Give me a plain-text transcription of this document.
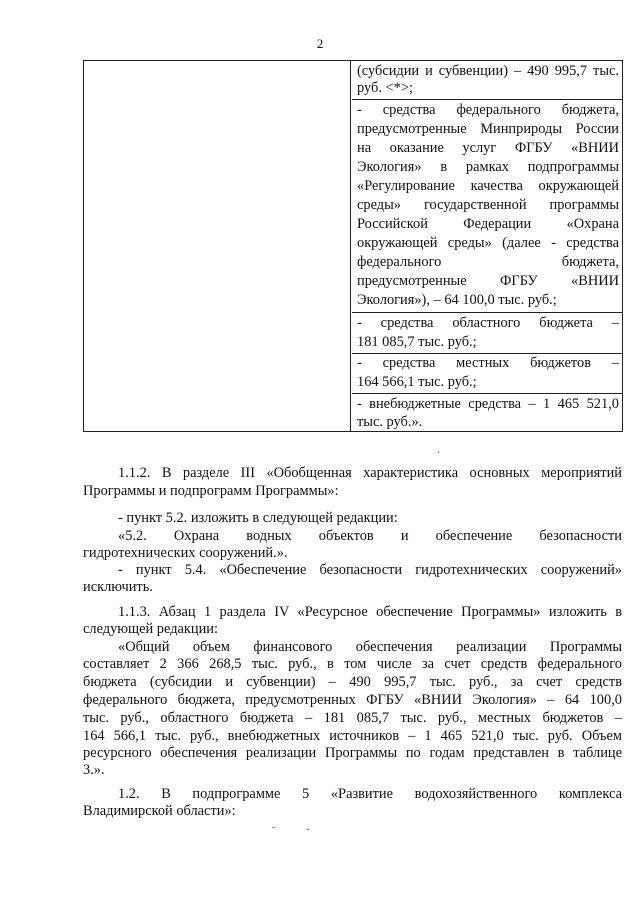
2
(субсидии и субвенции) – 490 995,7 тыс.
руб. <*>;
- средства федерального бюджета,
предусмотренные Минприроды России
на оказание услуг ФГБУ «ВНИИ
Экология» в рамках подпрограммы
«Регулирование качества окружающей
среды» государственной программы
Российской Федерации «Охрана
окружающей среды» (далее - средства
федерального бюджета,
предусмотренные ФГБУ «ВНИИ
Экология»), – 64 100,0 тыс. руб.;
- средства областного бюджета –
181 085,7 тыс. руб.;
- средства местных бюджетов –
164 566,1 тыс. руб.;
- внебюджетные средства – 1 465 521,0
тыс. руб.».
·
1.1.2. В разделе III «Обобщенная характеристика основных мероприятий
Программы и подпрограмм Программы»:
- пункт 5.2. изложить в следующей редакции:
«5.2. Охрана водных объектов и обеспечение безопасности
гидротехнических сооружений.».
- пункт 5.4. «Обеспечение безопасности гидротехнических сооружений»
исключить.
1.1.3. Абзац 1 раздела IV «Ресурсное обеспечение Программы» изложить в
следующей редакции:
«Общий объем финансового обеспечения реализации Программы
составляет 2 366 268,5 тыс. руб., в том числе за счет средств федерального
бюджета (субсидии и субвенции) – 490 995,7 тыс. руб., за счет средств
федерального бюджета, предусмотренных ФГБУ «ВНИИ Экология» – 64 100,0
тыс. руб., областного бюджета – 181 085,7 тыс. руб., местных бюджетов –
164 566,1 тыс. руб., внебюджетных источников – 1 465 521,0 тыс. руб. Объем
ресурсного обеспечения реализации Программы по годам представлен в таблице
3.».
1.2. В подпрограмме 5 «Развитие водохозяйственного комплекса
Владимирской области»:
˘	˘
